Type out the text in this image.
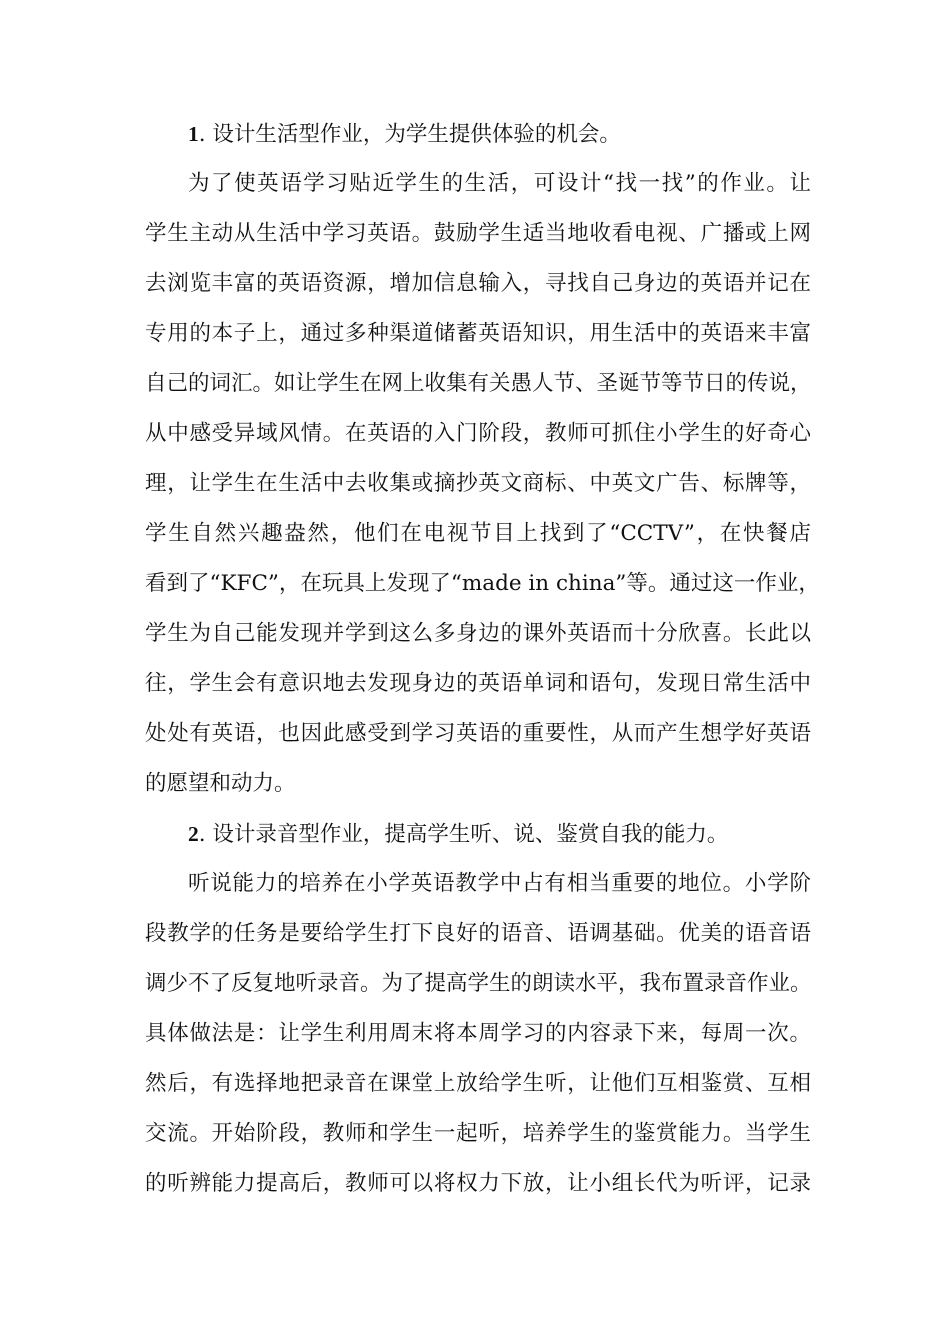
1. 设计生活型作业，为学生提供体验的机会。
为了使英语学习贴近学生的生活，可设计“找一找”的作业。让
学生主动从生活中学习英语。鼓励学生适当地收看电视、广播或上网
去浏览丰富的英语资源，增加信息输入，寻找自己身边的英语并记在
专用的本子上，通过多种渠道储蓄英语知识，用生活中的英语来丰富
自己的词汇。如让学生在网上收集有关愚人节、圣诞节等节日的传说，
从中感受异域风情。在英语的入门阶段，教师可抓住小学生的好奇心
理，让学生在生活中去收集或摘抄英文商标、中英文广告、标牌等，
学生自然兴趣盎然，他们在电视节目上找到了“CCTV”，在快餐店
看到了“KFC”，在玩具上发现了“made in china”等。通过这一作业，
学生为自己能发现并学到这么多身边的课外英语而十分欣喜。长此以
往，学生会有意识地去发现身边的英语单词和语句，发现日常生活中
处处有英语，也因此感受到学习英语的重要性，从而产生想学好英语
的愿望和动力。
2. 设计录音型作业，提高学生听、说、鉴赏自我的能力。
听说能力的培养在小学英语教学中占有相当重要的地位。小学阶
段教学的任务是要给学生打下良好的语音、语调基础。优美的语音语
调少不了反复地听录音。为了提高学生的朗读水平，我布置录音作业。
具体做法是：让学生利用周末将本周学习的内容录下来，每周一次。
然后，有选择地把录音在课堂上放给学生听，让他们互相鉴赏、互相
交流。开始阶段，教师和学生一起听，培养学生的鉴赏能力。当学生
的听辨能力提高后，教师可以将权力下放，让小组长代为听评，记录
